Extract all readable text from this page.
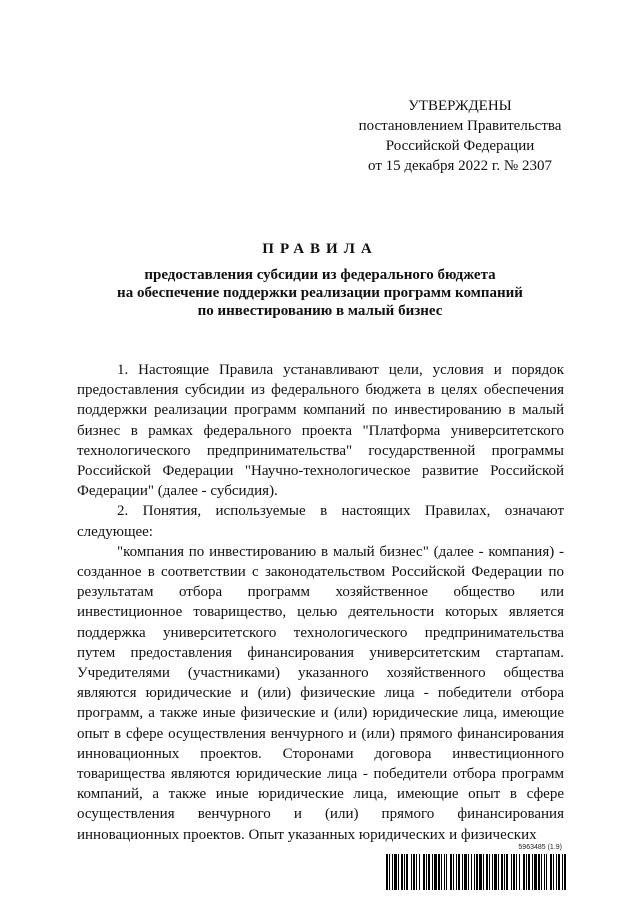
УТВЕРЖДЕНЫ
постановлением Правительства
Российской Федерации
от 15 декабря 2022 г. № 2307
ПРАВИЛА
предоставления субсидии из федерального бюджета
на обеспечение поддержки реализации программ компаний
по инвестированию в малый бизнес

1. Настоящие Правила устанавливают цели, условия и порядок предоставления субсидии из федерального бюджета в целях обеспечения поддержки реализации программ компаний по инвестированию в малый бизнес в рамках федерального проекта "Платформа университетского технологического предпринимательства" государственной программы Российской Федерации "Научно-технологическое развитие Российской Федерации" (далее - субсидия).

2. Понятия, используемые в настоящих Правилах, означают следующее:

"компания по инвестированию в малый бизнес" (далее - компания) - созданное в соответствии с законодательством Российской Федерации по результатам отбора программ хозяйственное общество или инвестиционное товарищество, целью деятельности которых является поддержка университетского технологического предпринимательства путем предоставления финансирования университетским стартапам. Учредителями (участниками) указанного хозяйственного общества являются юридические и (или) физические лица - победители отбора программ, а также иные физические и (или) юридические лица, имеющие опыт в сфере осуществления венчурного и (или) прямого финансирования инновационных проектов. Сторонами договора инвестиционного товарищества являются юридические лица - победители отбора программ компаний, а также иные юридические лица, имеющие опыт в сфере осуществления венчурного и (или) прямого финансирования инновационных проектов. Опыт указанных юридических и физических

5963485 (1.9)
